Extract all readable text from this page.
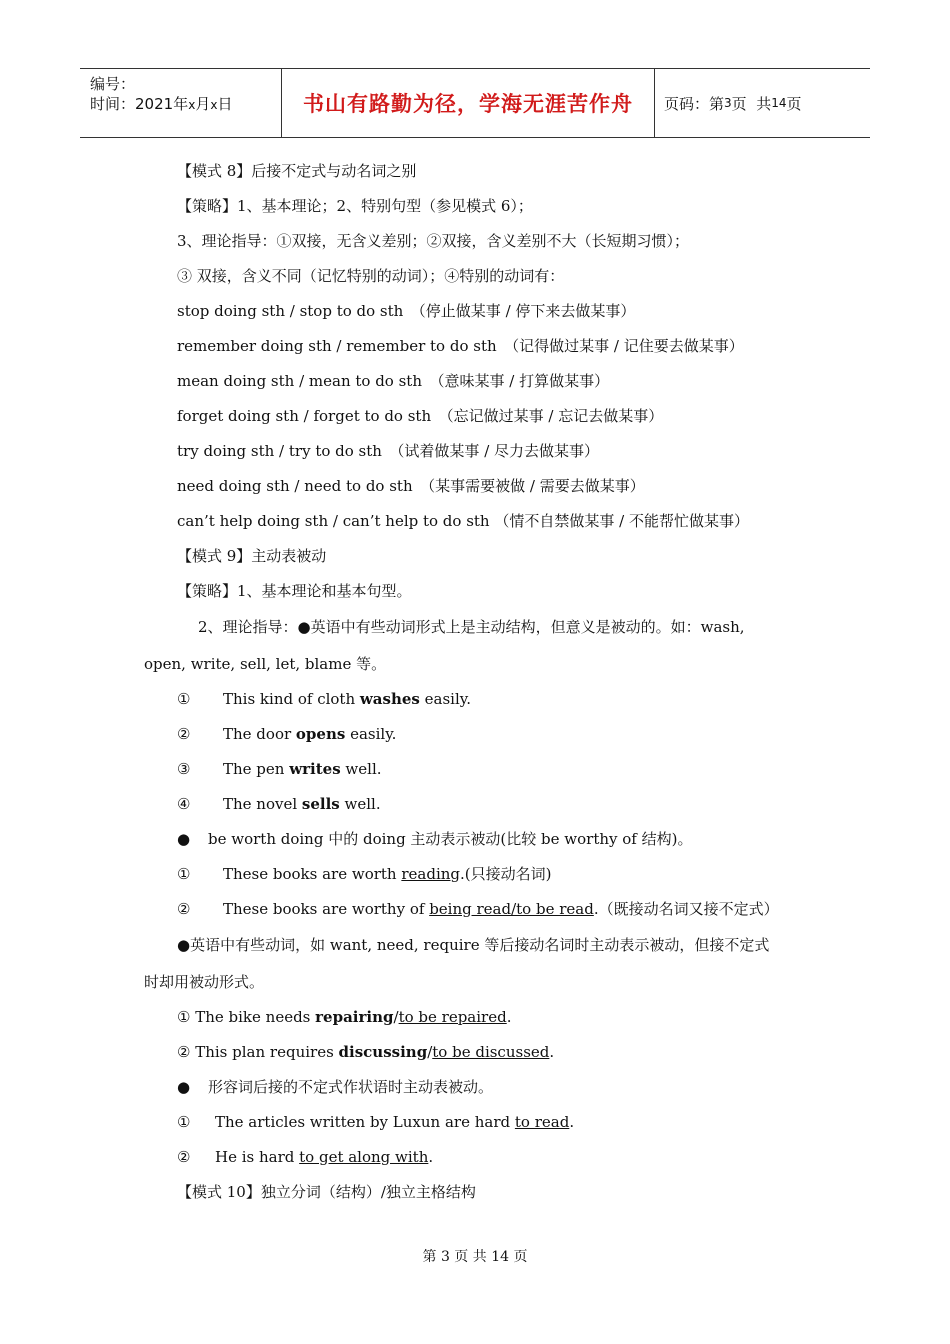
编号：
时间：2021年x月x日	书山有路勤为径，学海无涯苦作舟 页码：第 3 页  共 14 页
【模式 8】后接不定式与动名词之别
【策略】1、基本理论；2、特别句型（参见模式 6）；
3、理论指导：①双接，无含义差别；②双接，含义差别不大（长短期习惯）；
③ 双接，含义不同（记忆特别的动词）；④特别的动词有：
stop doing sth / stop to do sth　（停止做某事 / 停下来去做某事）
remember doing sth / remember to do sth　（记得做过某事 / 记住要去做某事）
mean doing sth / mean to do sth　（意味某事 / 打算做某事）
forget doing sth / forget to do sth　（忘记做过某事 / 忘记去做某事）
try doing sth / try to do sth　（试着做某事 / 尽力去做某事）
need doing sth / need to do sth　（某事需要被做 / 需要去做某事）
can’t help doing sth / can’t help to do sth （情不自禁做某事 / 不能帮忙做某事）
【模式 9】主动表被动
【策略】1、基本理论和基本句型。
2、理论指导：●英语中有些动词形式上是主动结构，但意义是被动的。如：wash,
open, write, sell, let, blame 等。
① This kind of cloth washes easily.
② The door opens easily.
③ The pen writes well.
④ The novel sells well.
● be worth doing 中的 doing 主动表示被动(比较 be worthy of 结构)。
① These books are worth reading.(只接动名词)
② These books are worthy of being read/to be read.（既接动名词又接不定式）
●英语中有些动词，如 want, need, require 等后接动名词时主动表示被动，但接不定式
时却用被动形式。
① The bike needs repairing/to be repaired.
② This plan requires discussing/to be discussed.
● 形容词后接的不定式作状语时主动表被动。
① The articles written by Luxun are hard to read.
② He is hard to get along with.
【模式 10】独立分词（结构）/独立主格结构
第 3 页 共 14 页
